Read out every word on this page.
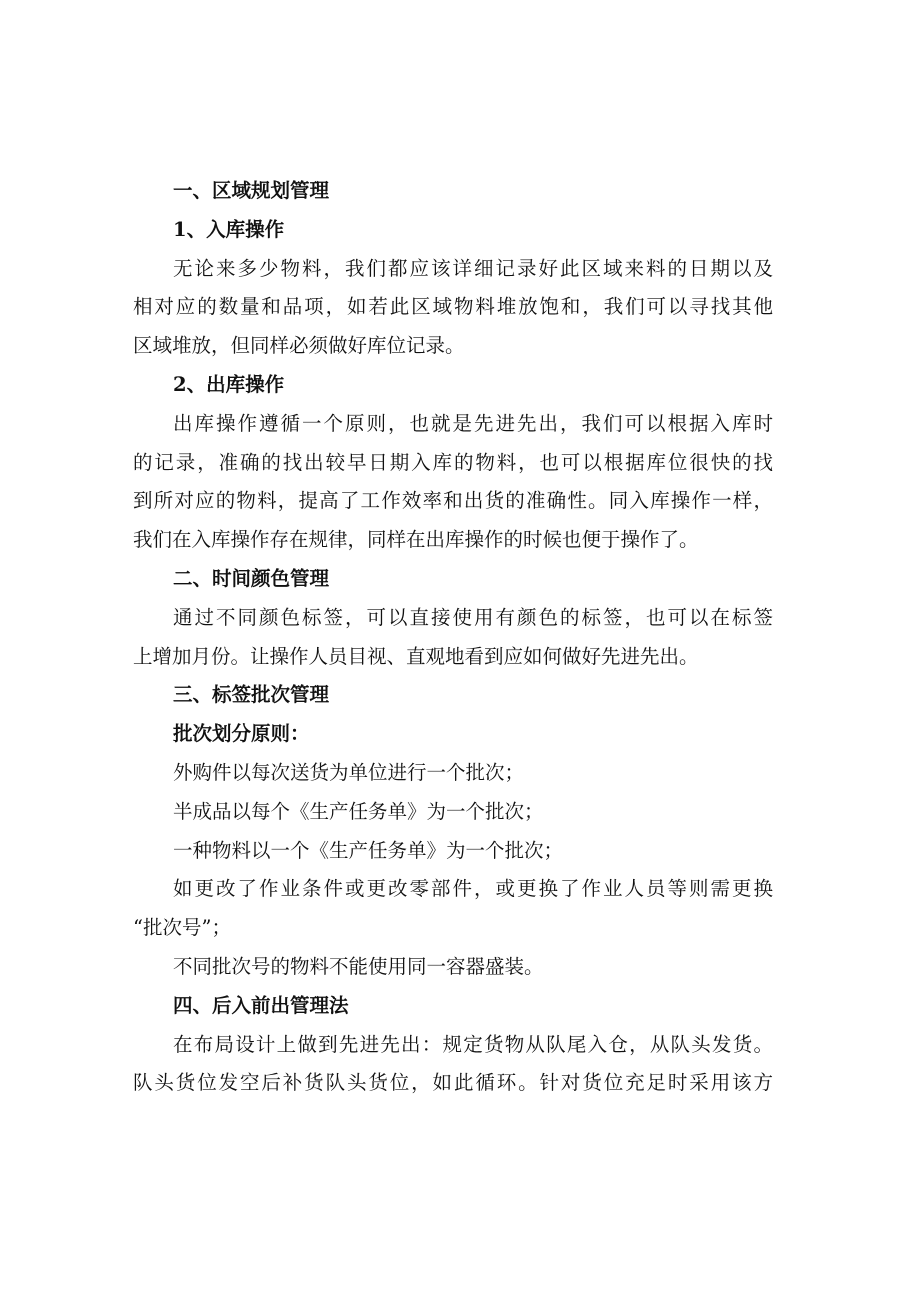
一、区域规划管理

1、入库操作

无论来多少物料，我们都应该详细记录好此区域来料的日期以及

相对应的数量和品项，如若此区域物料堆放饱和，我们可以寻找其他

区域堆放，但同样必须做好库位记录。

2、出库操作

出库操作遵循一个原则，也就是先进先出，我们可以根据入库时

的记录，准确的找出较早日期入库的物料，也可以根据库位很快的找

到所对应的物料，提高了工作效率和出货的准确性。同入库操作一样，

我们在入库操作存在规律，同样在出库操作的时候也便于操作了。

二、时间颜色管理

通过不同颜色标签，可以直接使用有颜色的标签，也可以在标签

上增加月份。让操作人员目视、直观地看到应如何做好先进先出。

三、标签批次管理

批次划分原则：

外购件以每次送货为单位进行一个批次；

半成品以每个《生产任务单》为一个批次；

一种物料以一个《生产任务单》为一个批次；

如更改了作业条件或更改零部件，或更换了作业人员等则需更换

“批次号”；

不同批次号的物料不能使用同一容器盛装。

四、后入前出管理法

在布局设计上做到先进先出：规定货物从队尾入仓，从队头发货。

队头货位发空后补货队头货位，如此循环。针对货位充足时采用该方
